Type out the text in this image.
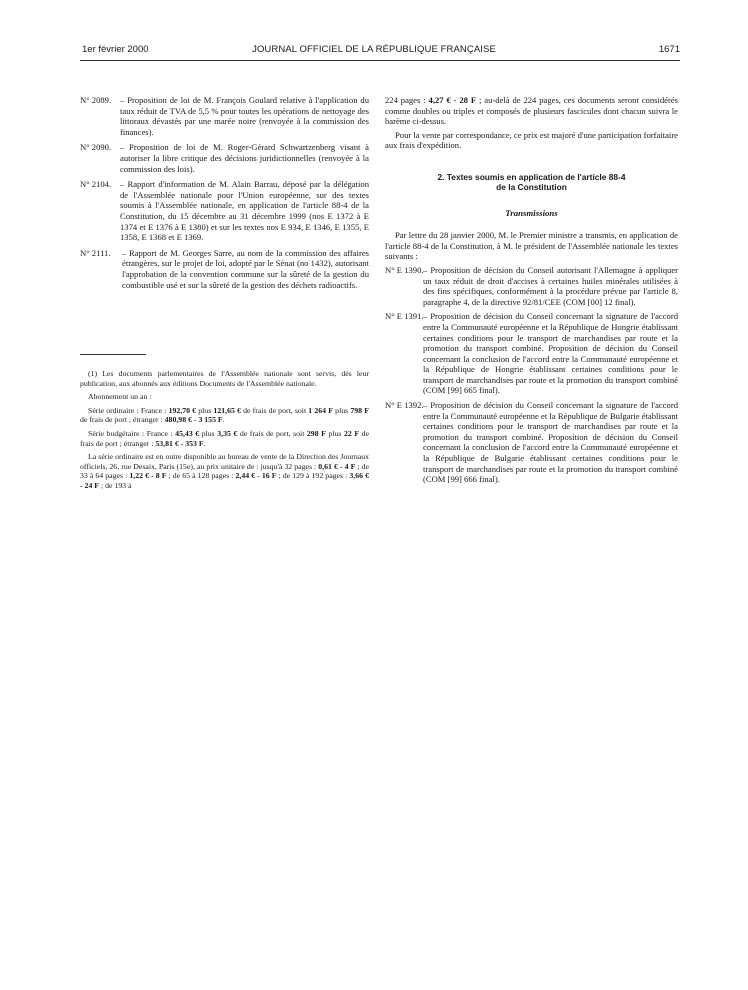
1er février 2000	JOURNAL OFFICIEL DE LA RÉPUBLIQUE FRANÇAISE	1671
N° 2089. – Proposition de loi de M. François Goulard relative à l'application du taux réduit de TVA de 5,5 % pour toutes les opérations de nettoyage des littoraux dévastés par une marée noire (renvoyée à la commission des finances).
N° 2090. – Proposition de loi de M. Roger-Gérard Schwartzenberg visant à autoriser la libre critique des décisions juridictionnelles (renvoyée à la commission des lois).
N° 2104. – Rapport d'information de M. Alain Barrau, déposé par la délégation de l'Assemblée nationale pour l'Union européenne, sur des textes soumis à l'Assemblée nationale, en application de l'article 88-4 de la Constitution, du 15 décembre au 31 décembre 1999 (nos E 1372 à E 1374 et E 1376 à E 1380) et sur les textes nos E 934, E 1346, E 1355, E 1358, E 1368 et E 1369.
N° 2111. – Rapport de M. Georges Sarre, au nom de la commission des affaires étrangères, sur le projet de loi, adopté par le Sénat (no 1432), autorisant l'approbation de la convention commune sur la sûreté de la gestion du combustible usé et sur la sûreté de la gestion des déchets radioactifs.

(1) Les documents parlementaires de l'Assemblée nationale sont servis, dès leur publication, aux abonnés aux éditions Documents de l'Assemblée nationale.

Abonnement un an :

Série ordinaire : France : 192,70 € plus 121,65 € de frais de port, soit 1 264 F plus 798 F de frais de port ; étranger : 480,98 € - 3 155 F.

Série budgétaire : France : 45,43 € plus 3,35 € de frais de port, soit 298 F plus 22 F de frais de port ; étranger : 53,81 € - 353 F.

La série ordinaire est en outre disponible au bureau de vente de la Direction des Journaux officiels, 26, rue Desaix, Paris (15e), au prix unitaire de : jusqu'à 32 pages : 0,61 € - 4 F ; de 33 à 64 pages : 1,22 € - 8 F ; de 65 à 128 pages : 2,44 € - 16 F ; de 129 à 192 pages : 3,66 € - 24 F ; de 193 à

224 pages : 4,27 € - 28 F ; au-delà de 224 pages, ces documents seront considérés comme doubles ou triples et composés de plusieurs fascicules dont chacun suivra le barème ci-dessus.

Pour la vente par correspondance, ce prix est majoré d'une participation forfaitaire aux frais d'expédition.

2. Textes soumis en application de l'article 88-4
de la Constitution
Transmissions

Par lettre du 28 janvier 2000, M. le Premier ministre a transmis, en application de l'article 88-4 de la Constitution, à M. le président de l'Assemblée nationale les textes suivants :

N° E 1390. – Proposition de décision du Conseil autorisant l'Allemagne à appliquer un taux réduit de droit d'accises à certaines huiles minérales utilisées à des fins spécifiques, conformément à la procédure prévue par l'article 8, paragraphe 4, de la directive 92/81/CEE (COM [00] 12 final).
N° E 1391. – Proposition de décision du Conseil concernant la signature de l'accord entre la Communauté européenne et la République de Hongrie établissant certaines conditions pour le transport de marchandises par route et la promotion du transport combiné. Proposition de décision du Conseil concernant la conclusion de l'accord entre la Communauté européenne et la République de Hongrie établissant certaines conditions pour le transport de marchandises par route et la promotion du transport combiné (COM [99] 665 final).
N° E 1392. – Proposition de décision du Conseil concernant la signature de l'accord entre la Communauté européenne et la République de Bulgarie établissant certaines conditions pour le transport de marchandises par route et la promotion du transport combiné. Proposition de décision du Conseil concernant la conclusion de l'accord entre la Communauté européenne et la République de Bulgarie établissant certaines conditions pour le transport de marchandises par route et la promotion du transport combiné (COM [99] 666 final).
